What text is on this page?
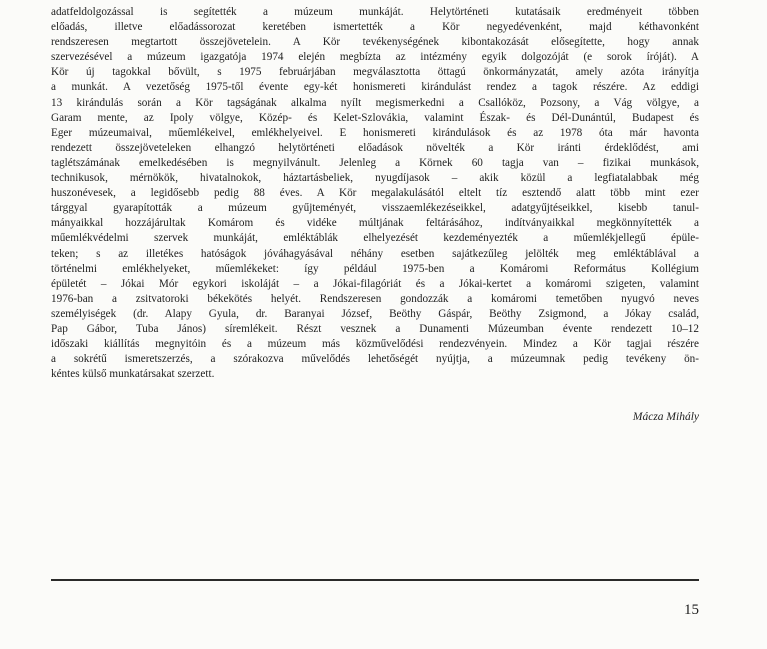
adatfeldolgozással is segítették a múzeum munkáját. Helytörténeti kutatásaik eredményeit többen
előadás, illetve előadássorozat keretében ismertették a Kör negyedévenként, majd kéthavonként
rendszeresen megtartott összejövetelein. A Kör tevékenységének kibontakozását elősegítette, hogy annak
szervezésével a múzeum igazgatója 1974 elején megbízta az intézmény egyik dolgozóját (e sorok íróját). A
Kör új tagokkal bővült, s 1975 februárjában megválasztotta öttagú önkormányzatát, amely azóta irányítja
a munkát. A vezetőség 1975-től évente egy-két honismereti kirándulást rendez a tagok részére. Az eddigi
13 kirándulás során a Kör tagságának alkalma nyílt megismerkedni a Csallóköz, Pozsony, a Vág völgye, a
Garam mente, az Ipoly völgye, Közép- és Kelet-Szlovákia, valamint Észak- és Dél-Dunántúl, Budapest és
Eger múzeumaival, műemlékeivel, emlékhelyeivel. E honismereti kirándulások és az 1978 óta már havonta
rendezett összejöveteleken elhangzó helytörténeti előadások növelték a Kör iránti érdeklődést, ami
taglétszámának emelkedésében is megnyilvánult. Jelenleg a Körnek 60 tagja van – fizikai munkások,
technikusok, mérnökök, hivatalnokok, háztartásbeliek, nyugdíjasok – akik közül a legfiatalabbak még
huszonévesek, a legidősebb pedig 88 éves. A Kör megalakulásától eltelt tíz esztendő alatt több mint ezer
tárggyal gyarapították a múzeum gyűjteményét, visszaemlékezéseikkel, adatgyűjtéseikkel, kisebb tanul-
mányaikkal hozzájárultak Komárom és vidéke múltjának feltárásához, indítványaikkal megkönnyítették a
műemlékvédelmi szervek munkáját, emléktáblák elhelyezését kezdeményezték a műemlékjellegű épüle-
teken; s az illetékes hatóságok jóváhagyásával néhány esetben sajátkezűleg jelölték meg emléktáblával a
történelmi emlékhelyeket, műemlékeket: így például 1975-ben a Komáromi Református Kollégium
épületét – Jókai Mór egykori iskoláját – a Jókai-filagóriát és a Jókai-kertet a komáromi szigeten, valamint
1976-ban a zsitvatoroki békekötés helyét. Rendszeresen gondozzák a komáromi temetőben nyugvó neves
személyiségek (dr. Alapy Gyula, dr. Baranyai József, Beöthy Gáspár, Beöthy Zsigmond, a Jókay család,
Pap Gábor, Tuba János) síremlékeit. Részt vesznek a Dunamenti Múzeumban évente rendezett 10–12
időszaki kiállítás megnyitóin és a múzeum más közművelődési rendezvényein. Mindez a Kör tagjai részére
a sokrétű ismeretszerzés, a szórakozva művelődés lehetőségét nyújtja, a múzeumnak pedig tevékeny ön-
kéntes külső munkatársakat szerzett.
Mácza Mihály
15
